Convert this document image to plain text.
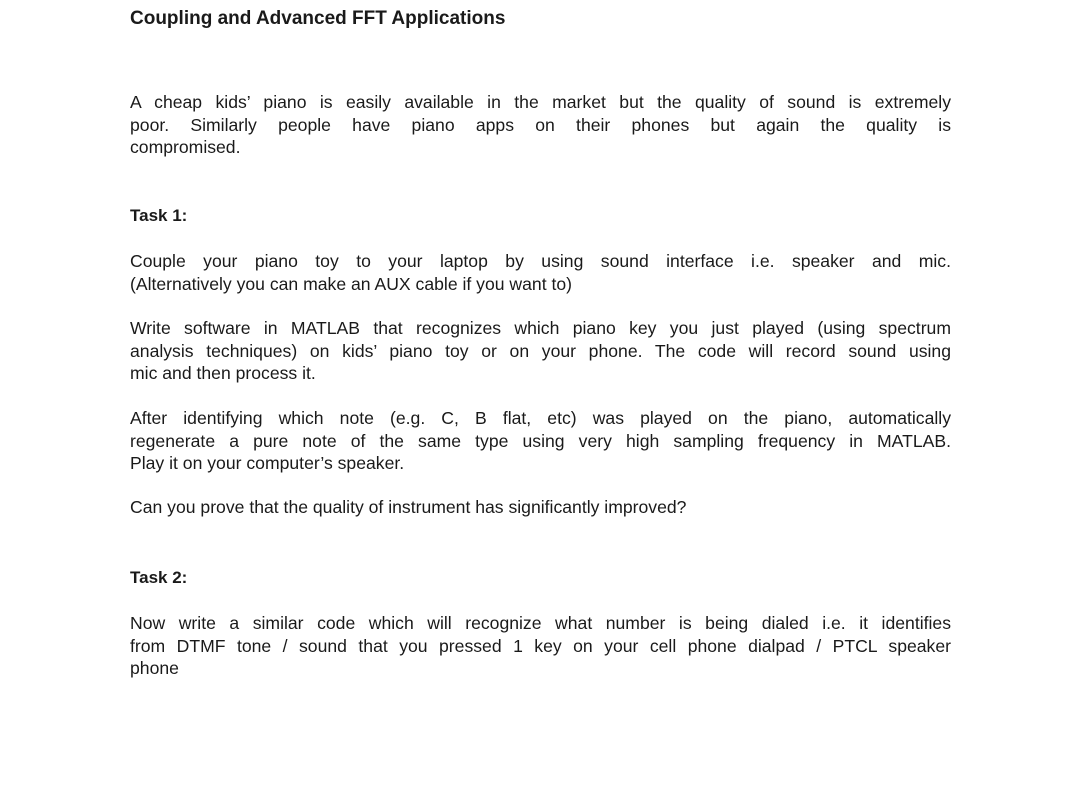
Coupling and Advanced FFT Applications
A cheap kids’ piano is easily available in the market but the quality of sound is extremely
poor. Similarly people have piano apps on their phones but again the quality is
compromised.
Task 1:
Couple your piano toy to your laptop by using sound interface i.e. speaker and mic.
(Alternatively you can make an AUX cable if you want to)
Write software in MATLAB that recognizes which piano key you just played (using spectrum
analysis techniques) on kids’ piano toy or on your phone. The code will record sound using
mic and then process it.
After identifying which note (e.g. C, B flat, etc) was played on the piano, automatically
regenerate a pure note of the same type using very high sampling frequency in MATLAB.
Play it on your computer’s speaker.
Can you prove that the quality of instrument has significantly improved?
Task 2:
Now write a similar code which will recognize what number is being dialed i.e. it identifies
from DTMF tone / sound that you pressed 1 key on your cell phone dialpad / PTCL speaker
phone
